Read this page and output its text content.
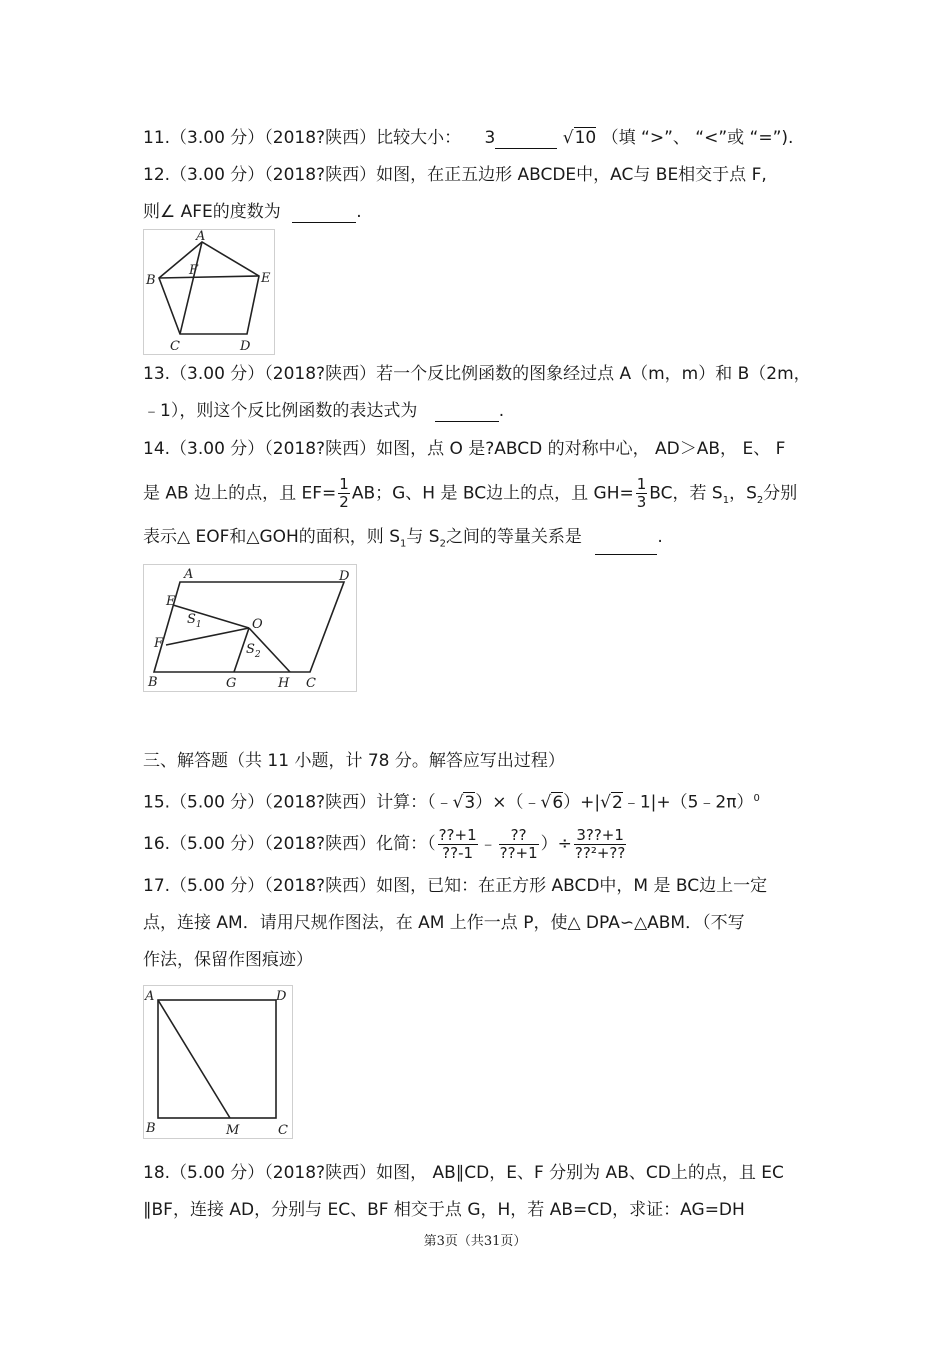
11.（3.00 分）（2018?陕西）比较大小： 3	√10 （填 “>”、 “<”或 “=”).
12.（3.00 分）（2018?陕西）如图，在正五边形 ABCDE中，AC与 BE相交于点 F,
则∠ AFE的度数为	.
A
B
C	D
E
F
13.（3.00 分）（2018?陕西）若一个反比例函数的图象经过点 A（m，m）和 B（2m，
﹣1），则这个反比例函数的表达式为	.
14.（3.00 分）（2018?陕西）如图，点 O 是?ABCD 的对称中心， AD＞AB， E、 F
是 AB 边上的点，且 $EF= \frac{1}{2}$ AB；G、H 是 BC边上的点，且 $GH= \frac{1}{3}$ BC，若 $S_1$，$S_2$分别
表示△ EOF和△GOH的面积，则 $S_1$与 $S_2$之间的等量关系是	.
A	D
E
F
O
B	G	H C
$S_1$
$S_2$
三、解答题（共 11 小题，计 78 分。解答应写出过程）
15.（5.00 分）（2018?陕西）计算：（﹣√3）×（﹣√6）+|√2﹣1|+（5﹣2π）$^0$
16.（5.00 分）（2018?陕西）化简：（ $\frac{??+1}{??-1}$ ﹣ $\frac{??}{??+1}$ ）÷ $\frac{3??+1}{\text{??²+??}}$
17.（5.00 分）（2018?陕西）如图，已知：在正方形 ABCD中，M 是 BC边上一定
点，连接 AM．请用尺规作图法，在 AM 上作一点 P，使△ DPA∽△ABM．（不写
作法，保留作图痕迹）
A	D
B	M	C
18.（5.00 分）（2018?陕西）如图， AB∥CD，E、F 分别为 AB、CD上的点，且 EC
∥BF，连接 AD，分别与 EC、BF 相交于点 G，H，若 AB=CD，求证：AG=DH
第3页（共31页）
